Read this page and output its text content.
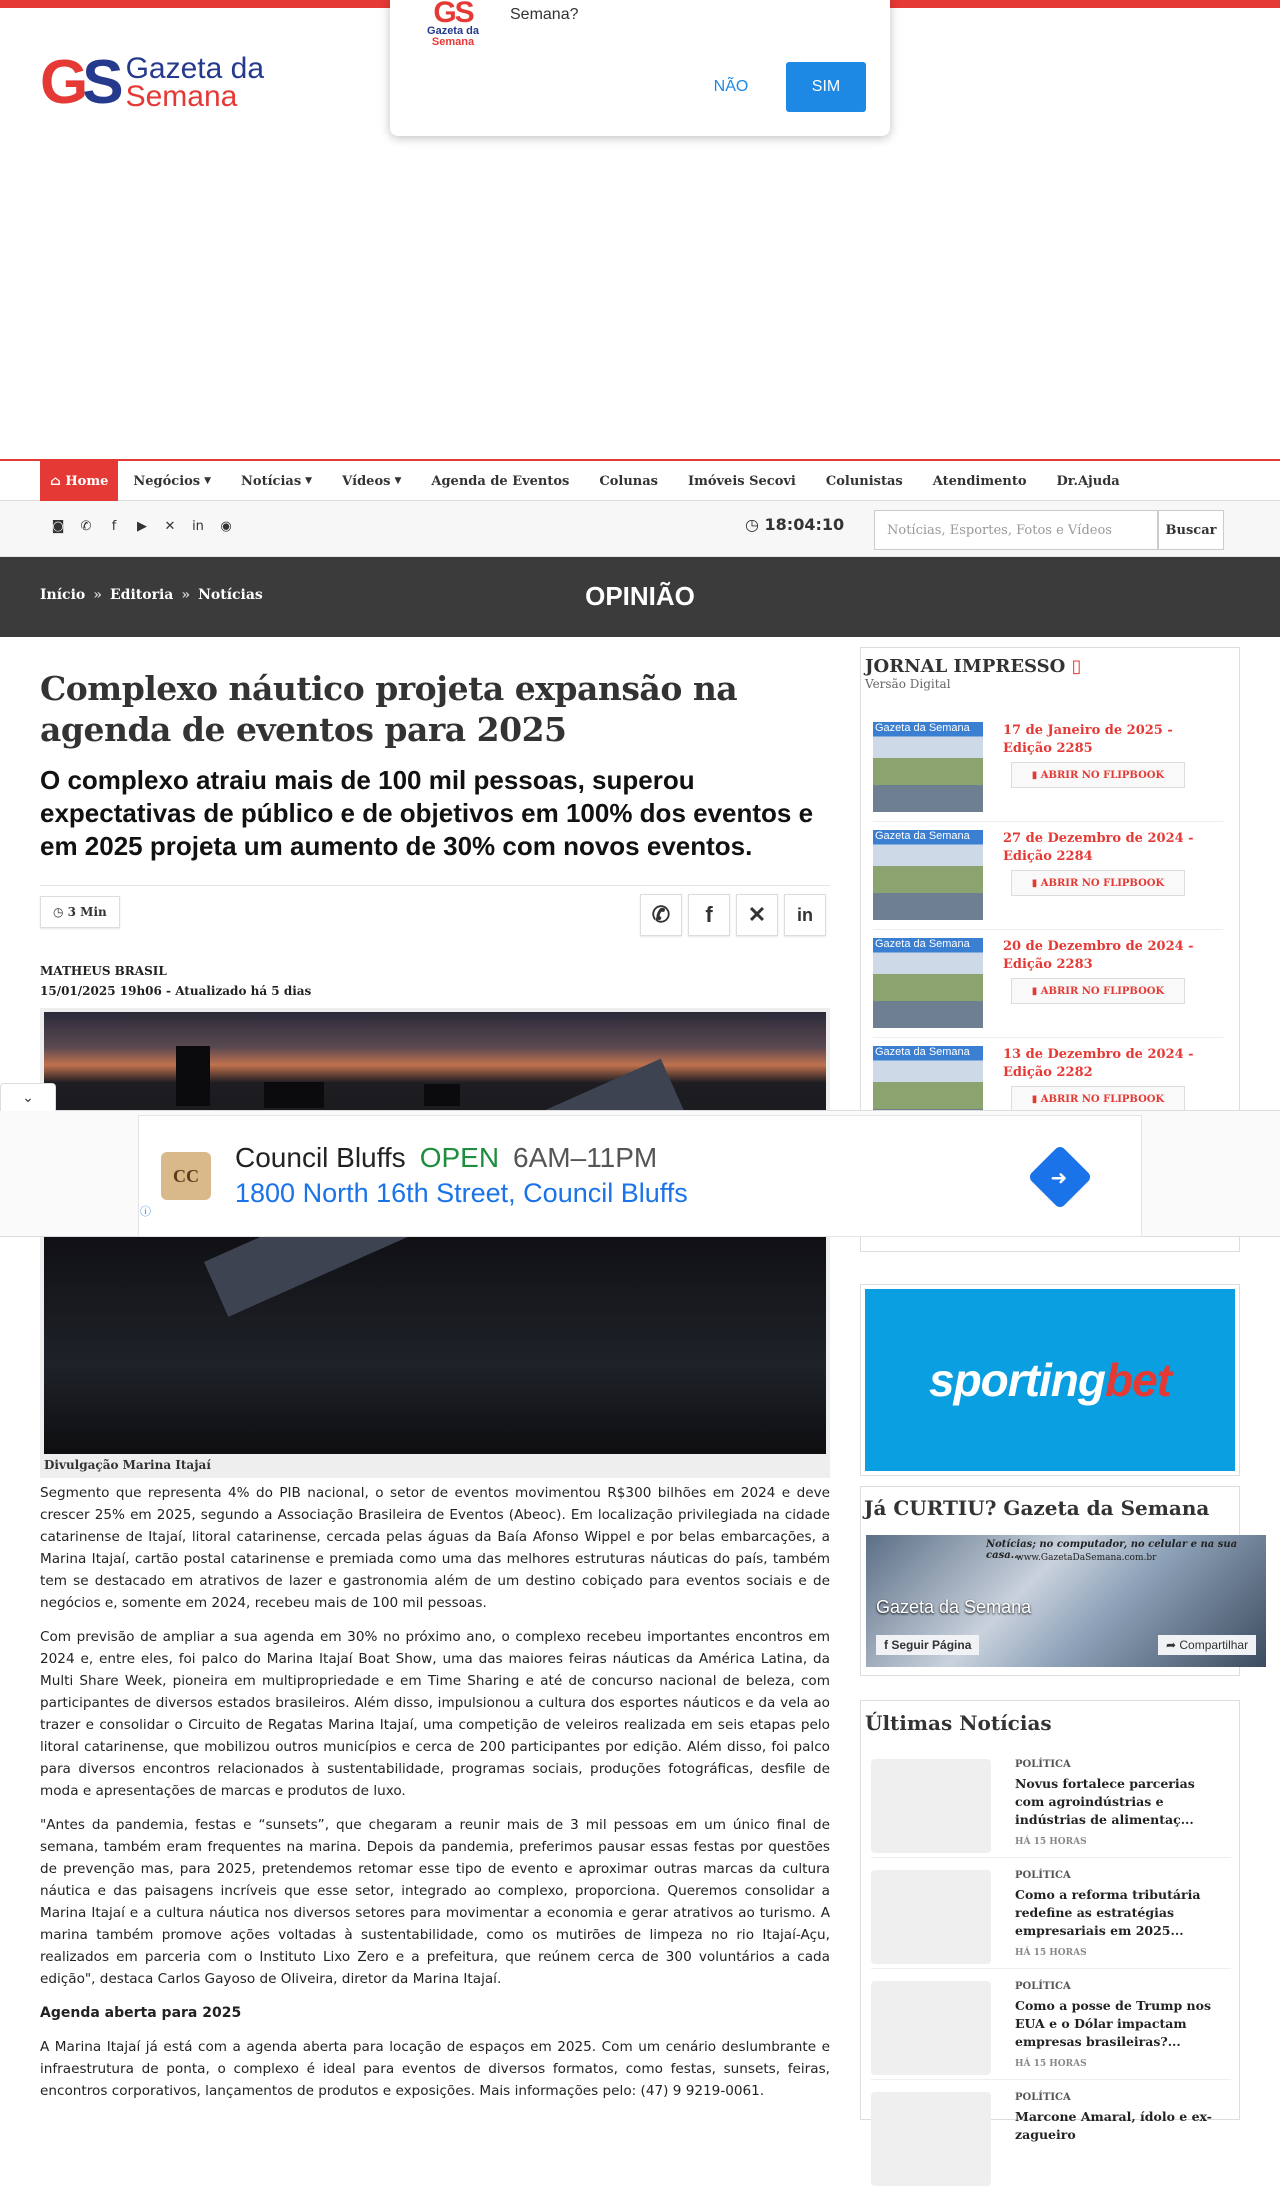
GS Gazeta da
Semana
GS
Gazeta da
Semana
Semana?
NÃO	SIM
⌂ Home Negócios ▼ Notícias ▼ Vídeos ▼	Agenda de Eventos	Colunas	Imóveis Secovi	Colunistas	Atendimento	Dr.Ajuda
◙	✆	f	▶	✕	in	◉	◷ 18:04:10	Notícias, Esportes, Fotos e Vídeos	Buscar
Início » Editoria » Notícias	OPINIÃO
Complexo náutico projeta expansão na agenda de eventos para 2025
O complexo atraiu mais de 100 mil pessoas, superou expectativas de público e de objetivos em 100% dos eventos e em 2025 projeta um aumento de 30% com novos eventos.
◷ 3 Min	✆ f ✕ in
MATHEUS BRASIL
15/01/2025 19h06 - Atualizado há 5 dias
Divulgação Marina Itajaí

Segmento que representa 4% do PIB nacional, o setor de eventos movimentou R$300 bilhões em 2024 e deve crescer 25% em 2025, segundo a Associação Brasileira de Eventos (Abeoc). Em localização privilegiada na cidade catarinense de Itajaí, litoral catarinense, cercada pelas águas da Baía Afonso Wippel e por belas embarcações, a Marina Itajaí, cartão postal catarinense e premiada como uma das melhores estruturas náuticas do país, também tem se destacado em atrativos de lazer e gastronomia além de um destino cobiçado para eventos sociais e de negócios e, somente em 2024, recebeu mais de 100 mil pessoas.

Com previsão de ampliar a sua agenda em 30% no próximo ano, o complexo recebeu importantes encontros em 2024 e, entre eles, foi palco do Marina Itajaí Boat Show, uma das maiores feiras náuticas da América Latina, da Multi Share Week, pioneira em multipropriedade e em Time Sharing e até de concurso nacional de beleza, com participantes de diversos estados brasileiros. Além disso, impulsionou a cultura dos esportes náuticos e da vela ao trazer e consolidar o Circuito de Regatas Marina Itajaí, uma competição de veleiros realizada em seis etapas pelo litoral catarinense, que mobilizou outros municípios e cerca de 200 participantes por edição. Além disso, foi palco para diversos encontros relacionados à sustentabilidade, programas sociais, produções fotográficas, desfile de moda e apresentações de marcas e produtos de luxo.

"Antes da pandemia, festas e “sunsets”, que chegaram a reunir mais de 3 mil pessoas em um único final de semana, também eram frequentes na marina. Depois da pandemia, preferimos pausar essas festas por questões de prevenção mas, para 2025, pretendemos retomar esse tipo de evento e aproximar outras marcas da cultura náutica e das paisagens incríveis que esse setor, integrado ao complexo, proporciona. Queremos consolidar a Marina Itajaí e a cultura náutica nos diversos setores para movimentar a economia e gerar atrativos ao turismo. A marina também promove ações voltadas à sustentabilidade, como os mutirões de limpeza no rio Itajaí-Açu, realizados em parceria com o Instituto Lixo Zero e a prefeitura, que reúnem cerca de 300 voluntários a cada edição", destaca Carlos Gayoso de Oliveira, diretor da Marina Itajaí.

Agenda aberta para 2025

A Marina Itajaí já está com a agenda aberta para locação de espaços em 2025. Com um cenário deslumbrante e infraestrutura de ponta, o complexo é ideal para eventos de diversos formatos, como festas, sunsets, feiras, encontros corporativos, lançamentos de produtos e exposições. Mais informações pelo: (47) 9 9219-0061.

JORNAL IMPRESSO ▯
Versão Digital
Gazeta da Semana	17 de Janeiro de 2025 - Edição 2285
▮ ABRIR NO FLIPBOOK
Gazeta da Semana	27 de Dezembro de 2024 - Edição 2284
▮ ABRIR NO FLIPBOOK
Gazeta da Semana	20 de Dezembro de 2024 - Edição 2283
▮ ABRIR NO FLIPBOOK
Gazeta da Semana	13 de Dezembro de 2024 - Edição 2282
▮ ABRIR NO FLIPBOOK
⌄
CC
Council Bluffs OPEN 6AM–11PM
1800 North 16th Street, Council Bluffs
➜
ⓘ
sporting bet
Já CURTIU? Gazeta da Semana
Notícias; no computador, no celular e na sua casa...
www.GazetaDaSemana.com.br
Gazeta da Semana
f Seguir Página	➦ Compartilhar
Últimas Notícias
POLÍTICA
Novus fortalece parcerias com agroindústrias e indústrias de alimentaç...
HÁ 15 HORAS
POLÍTICA
Como a reforma tributária redefine as estratégias empresariais em 2025...
HÁ 15 HORAS
POLÍTICA
Como a posse de Trump nos EUA e o Dólar impactam empresas brasileiras?...
HÁ 15 HORAS
POLÍTICA
Marcone Amaral, ídolo e ex-zagueiro
